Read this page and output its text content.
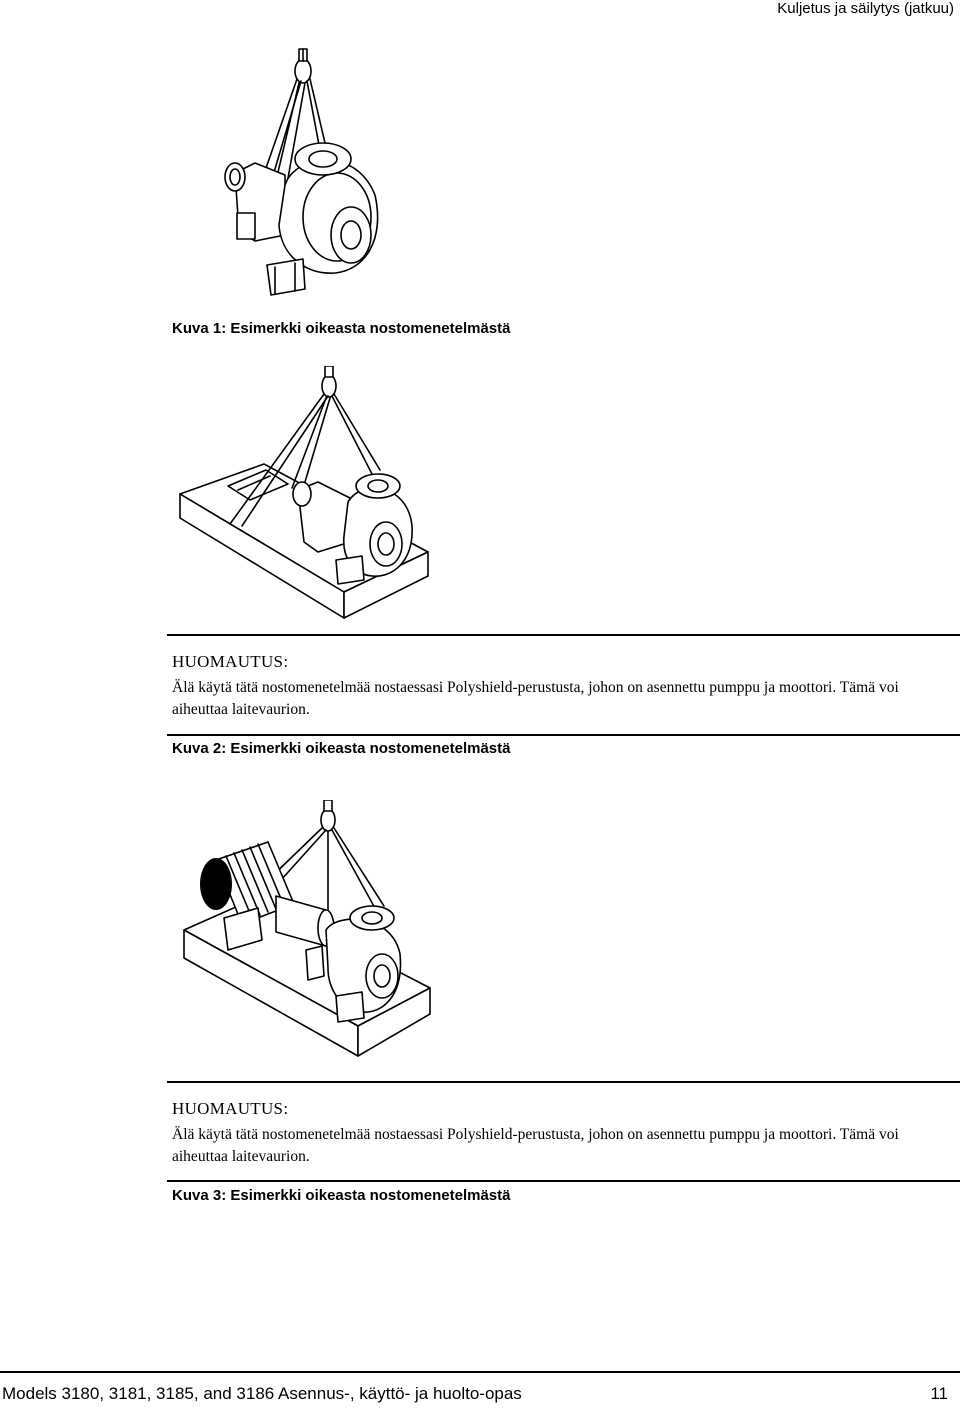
Kuljetus ja säilytys (jatkuu)
Kuva 1: Esimerkki oikeasta nostomenetelmästä
HUOMAUTUS:
Älä käytä tätä nostomenetelmää nostaessasi Polyshield-perustusta, johon on asennettu pumppu ja moottori. Tämä voi aiheuttaa laitevaurion.
Kuva 2: Esimerkki oikeasta nostomenetelmästä
HUOMAUTUS:
Älä käytä tätä nostomenetelmää nostaessasi Polyshield-perustusta, johon on asennettu pumppu ja moottori. Tämä voi aiheuttaa laitevaurion.
Kuva 3: Esimerkki oikeasta nostomenetelmästä
Models 3180, 3181, 3185, and 3186 Asennus-, käyttö- ja huolto-opas	11
